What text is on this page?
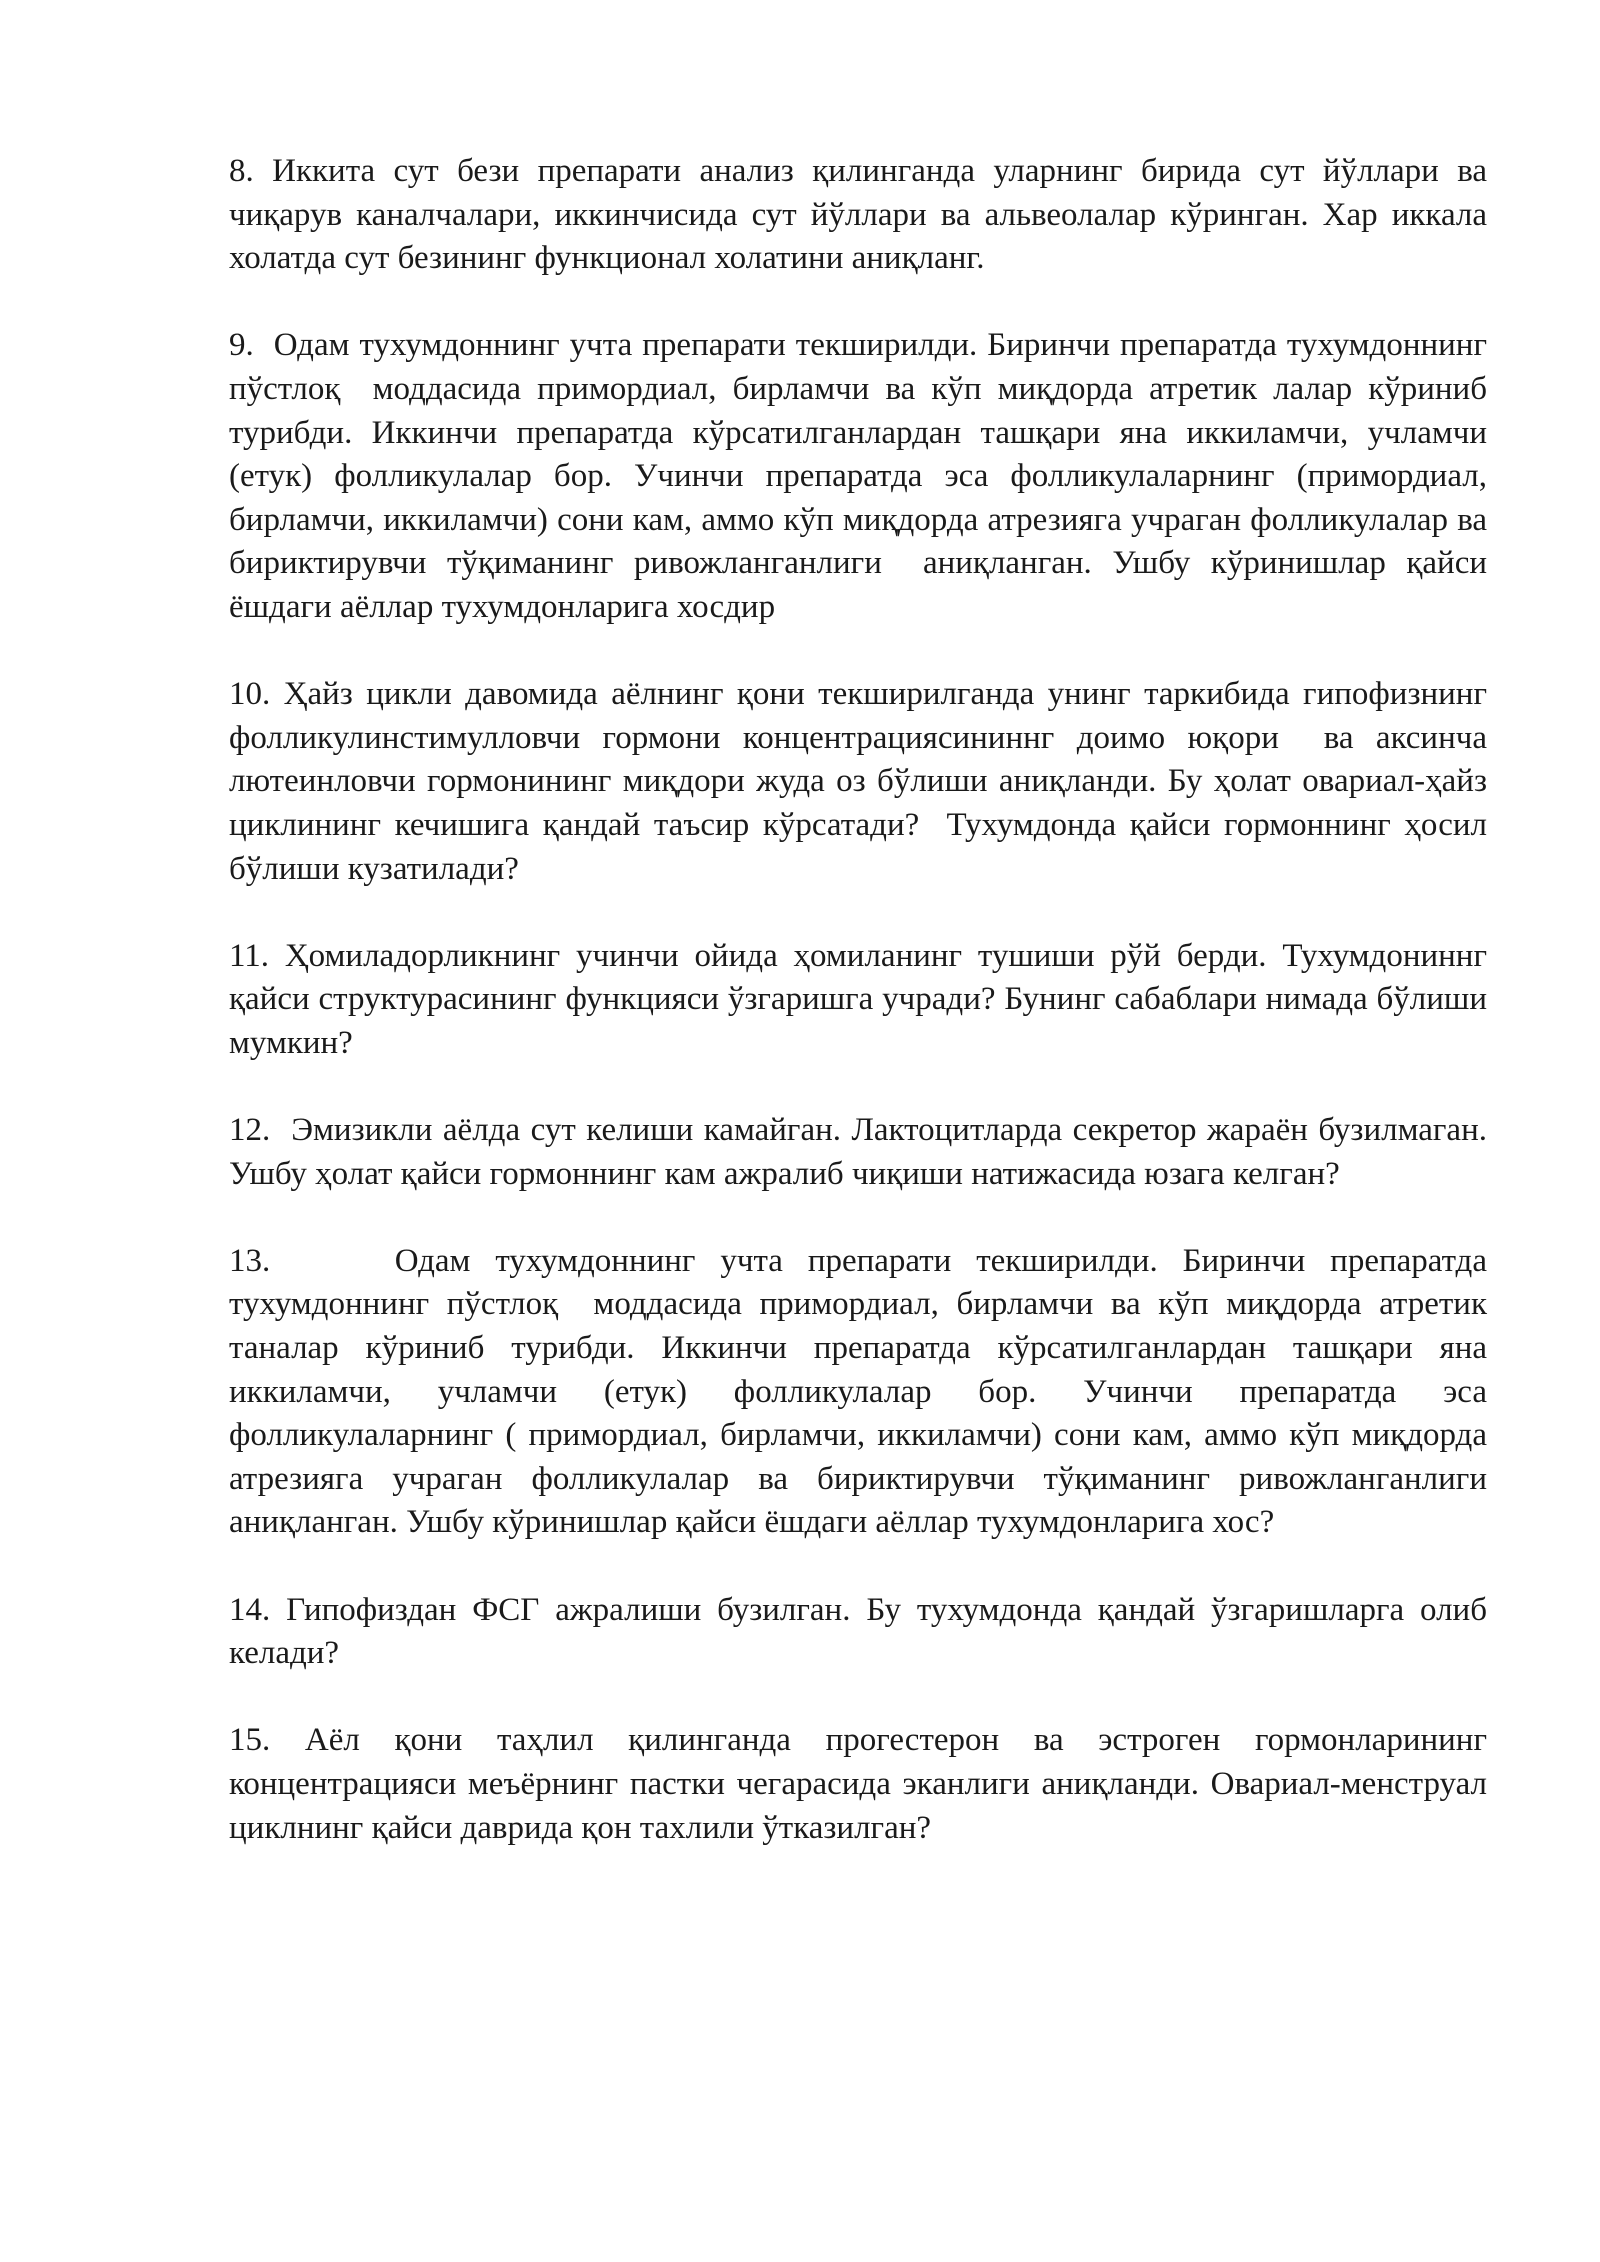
8. Иккита сут бези препарати анализ қилинганда уларнинг бирида сут йўллари ва чиқарув каналчалари, иккинчисида сут йўллари ва альвеолалар кўринган. Хар иккала холатда сут безининг функционал холатини аниқланг.

9.  Одам тухумдоннинг учта препарати текширилди. Биринчи препаратда тухумдоннинг пўстлоқ  моддасида примордиал, бирламчи ва кўп миқдорда атретик лалар кўриниб турибди. Иккинчи препаратда кўрсатилганлардан ташқари яна иккиламчи, учламчи (етук) фолликулалар бор. Учинчи препаратда эса фолликулаларнинг (примордиал, бирламчи, иккиламчи) сони кам, аммо кўп миқдорда атрезияга учраган фолликулалар ва бириктирувчи тўқиманинг ривожланганлиги  аниқланган. Ушбу кўринишлар қайси ёшдаги аёллар тухумдонларига хосдир

10. Ҳайз цикли давомида аёлнинг қони текширилганда унинг таркибида гипофизнинг фолликулинстимулловчи гормони концентрациясининнг доимо юқори  ва аксинча лютеинловчи гормонининг миқдори жуда оз бўлиши аниқланди. Бу ҳолат овариал-ҳайз циклининг кечишига қандай таъсир кўрсатади?  Тухумдонда қайси гормоннинг ҳосил бўлиши кузатилади?

11. Ҳомиладорликнинг учинчи ойида ҳомиланинг тушиши рўй берди. Тухумдониннг қайси структурасининг функцияси ўзгаришга учради? Бунинг сабаблари нимада бўлиши мумкин?

12.  Эмизикли аёлда сут келиши камайган. Лактоцитларда секретор жараён бузилмаган. Ушбу ҳолат қайси гормоннинг кам ажралиб чиқиши натижасида юзага келган?

13.     Одам тухумдоннинг учта препарати текширилди. Биринчи препаратда тухумдоннинг пўстлоқ  моддасида примордиал, бирламчи ва кўп миқдорда атретик таналар кўриниб турибди. Иккинчи препаратда кўрсатилганлардан ташқари яна иккиламчи, учламчи (етук) фолликулалар бор. Учинчи препаратда эса фолликулаларнинг ( примордиал, бирламчи, иккиламчи) сони кам, аммо кўп миқдорда атрезияга учраган фолликулалар ва бириктирувчи тўқиманинг ривожланганлиги  аниқланган. Ушбу кўринишлар қайси ёшдаги аёллар тухумдонларига хос?

14. Гипофиздан ФСГ ажралиши бузилган. Бу тухумдонда қандай ўзгаришларга олиб келади?

15. Аёл қони таҳлил қилинганда прогестерон ва эстроген гормонларининг концентрацияси меъёрнинг пастки чегарасида эканлиги аниқланди. Овариал-менструал циклнинг қайси даврида қон тахлили ўтказилган?
